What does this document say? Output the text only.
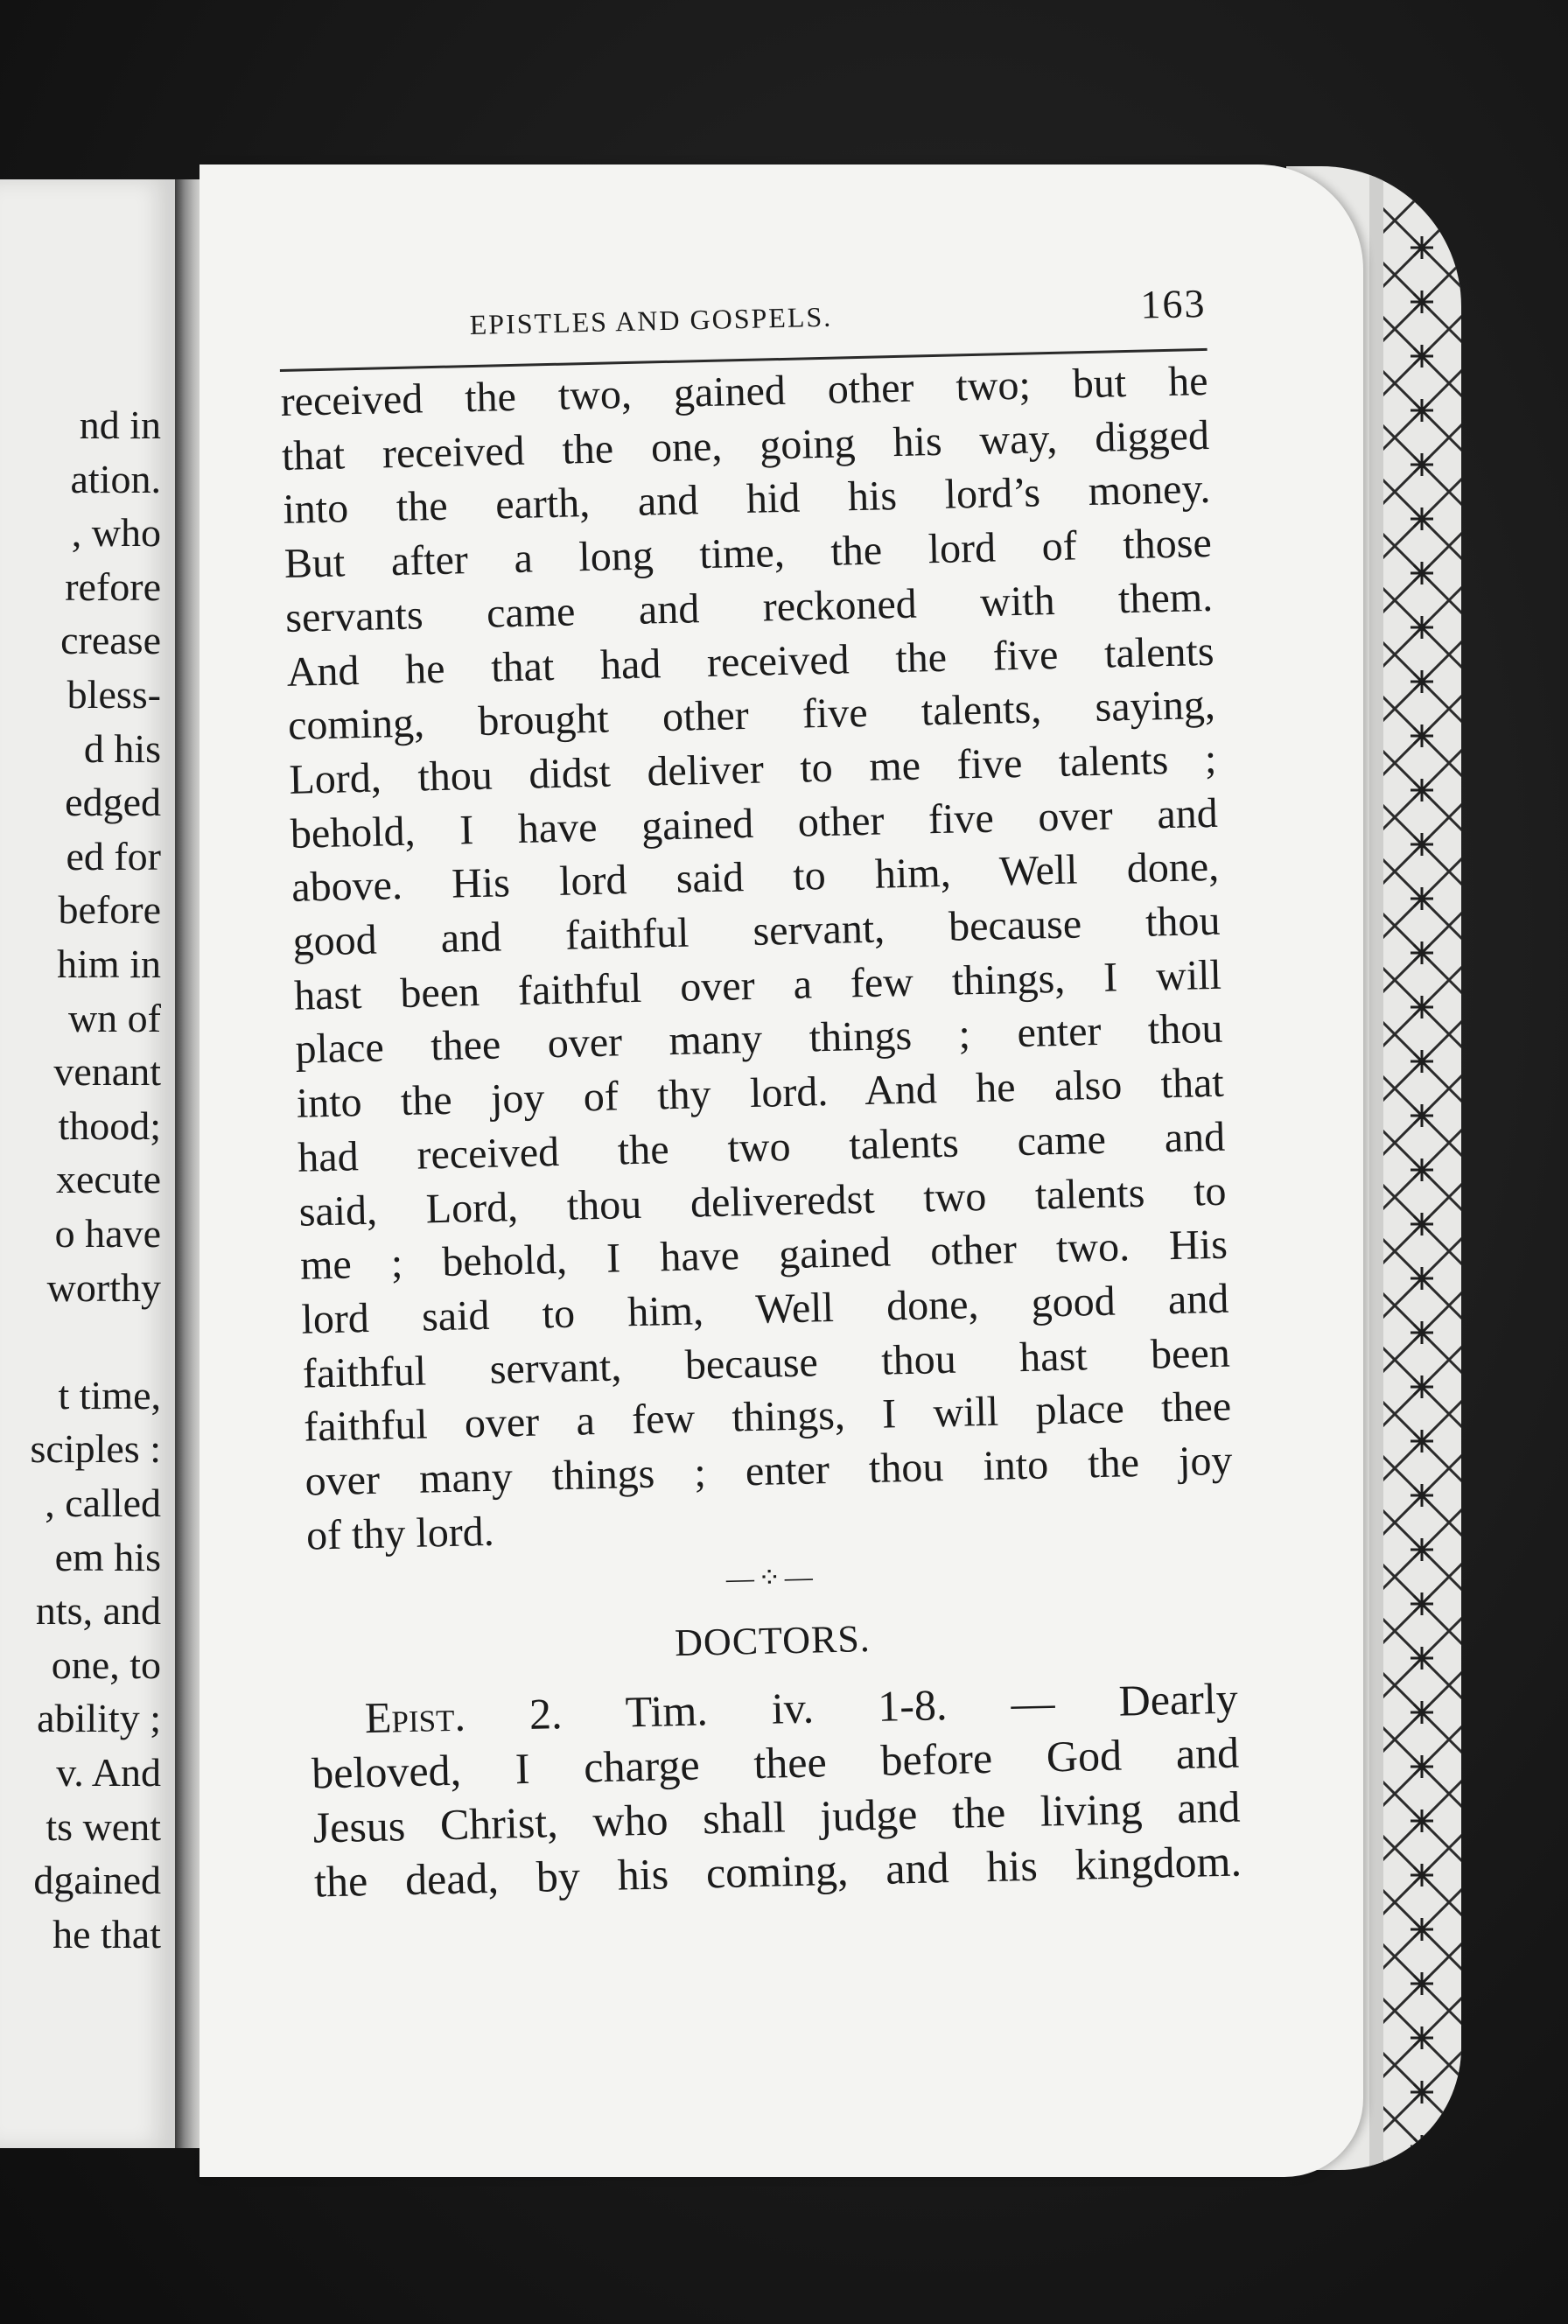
nd in
ation.
, who
refore
crease
bless-
d his
edged
ed for
before
him in
wn of
venant
thood;
xecute
o have
worthy
t time,
sciples :
, called
em his
nts, and
one, to
ability ;
v. And
ts went
dgained
he that
EPISTLES AND GOSPELS.	163
received the two, gained other two; but he
that received the one, going his way, digged
into the earth, and hid his lord’s money.
But after a long time, the lord of those
servants came and reckoned with them.
And he that had received the five talents
coming, brought other five talents, saying,
Lord, thou didst deliver to me five talents ;
behold, I have gained other five over and
above. His lord said to him, Well done,
good and faithful servant, because thou
hast been faithful over a few things, I will
place thee over many things ; enter thou
into the joy of thy lord. And he also that
had received the two talents came and
said, Lord, thou deliveredst two talents to
me ; behold, I have gained other two. His
lord said to him, Well done, good and
faithful servant, because thou hast been
faithful over a few things, I will place thee
over many things ; enter thou into the joy
of thy lord.
—⁘—
DOCTORS.
Epist. 2. Tim. iv. 1-8. — Dearly
beloved, I charge thee before God and
Jesus Christ, who shall judge the living and
the dead, by his coming, and his kingdom.
